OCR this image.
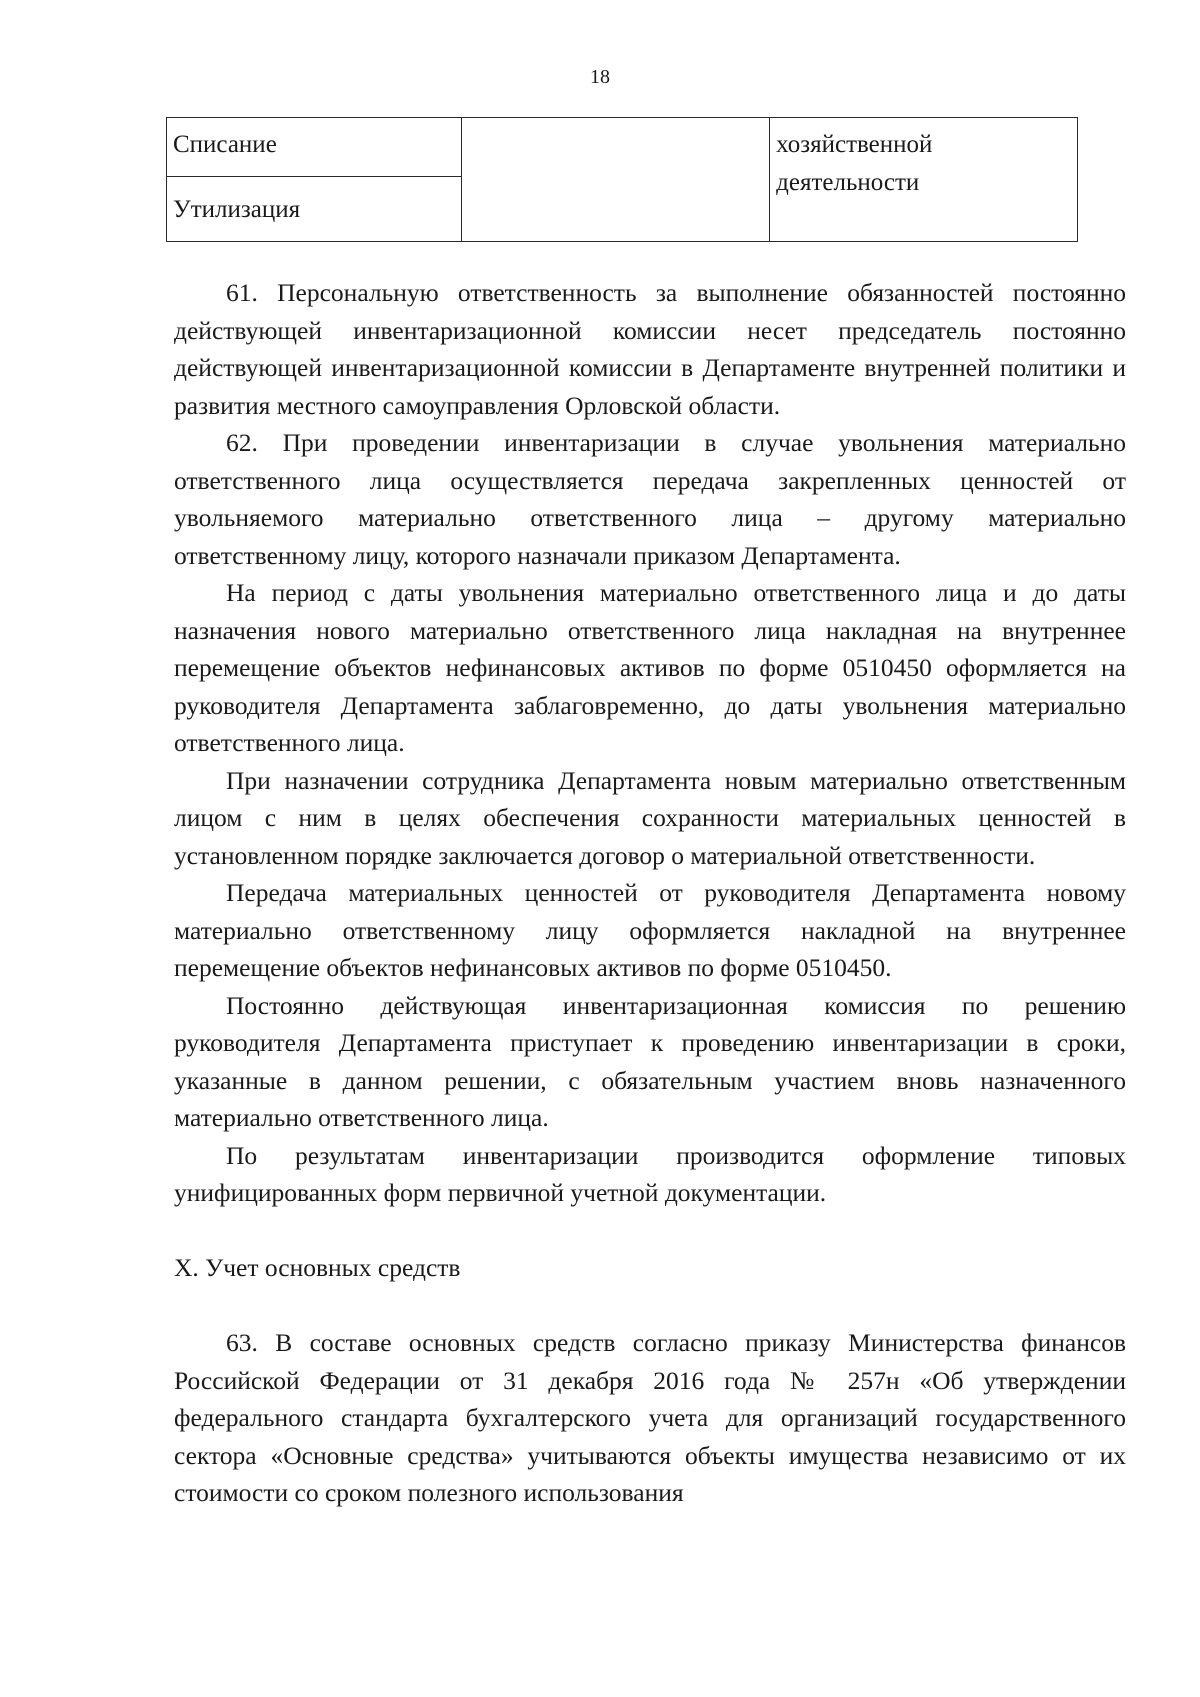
18
Списание		хозяйственной
деятельности

Утилизация

61. Персональную ответственность за выполнение обязанностей постоянно действующей инвентаризационной комиссии несет председатель постоянно действующей инвентаризационной комиссии в Департаменте внутренней политики и развития местного самоуправления Орловской области.

62. При проведении инвентаризации в случае увольнения материально ответственного лица осуществляется передача закрепленных ценностей от увольняемого материально ответственного лица – другому материально ответственному лицу, которого назначали приказом Департамента.

На период с даты увольнения материально ответственного лица и до даты назначения нового материально ответственного лица накладная на внутреннее перемещение объектов нефинансовых активов по форме 0510450 оформляется на руководителя Департамента заблаговременно, до даты увольнения материально ответственного лица.

При назначении сотрудника Департамента новым материально ответственным лицом с ним в целях обеспечения сохранности материальных ценностей в установленном порядке заключается договор о материальной ответственности.

Передача материальных ценностей от руководителя Департамента новому материально ответственному лицу оформляется накладной на внутреннее перемещение объектов нефинансовых активов по форме 0510450.

Постоянно действующая инвентаризационная комиссия по решению руководителя Департамента приступает к проведению инвентаризации в сроки, указанные в данном решении, с обязательным участием вновь назначенного материально ответственного лица.

По результатам инвентаризации производится оформление типовых унифицированных форм первичной учетной документации.

X. Учет основных средств

63. В составе основных средств согласно приказу Министерства финансов Российской Федерации от 31 декабря 2016 года № 257н «Об утверждении федерального стандарта бухгалтерского учета для организаций государственного сектора «Основные средства» учитываются объекты имущества независимо от их стоимости со сроком полезного использования
